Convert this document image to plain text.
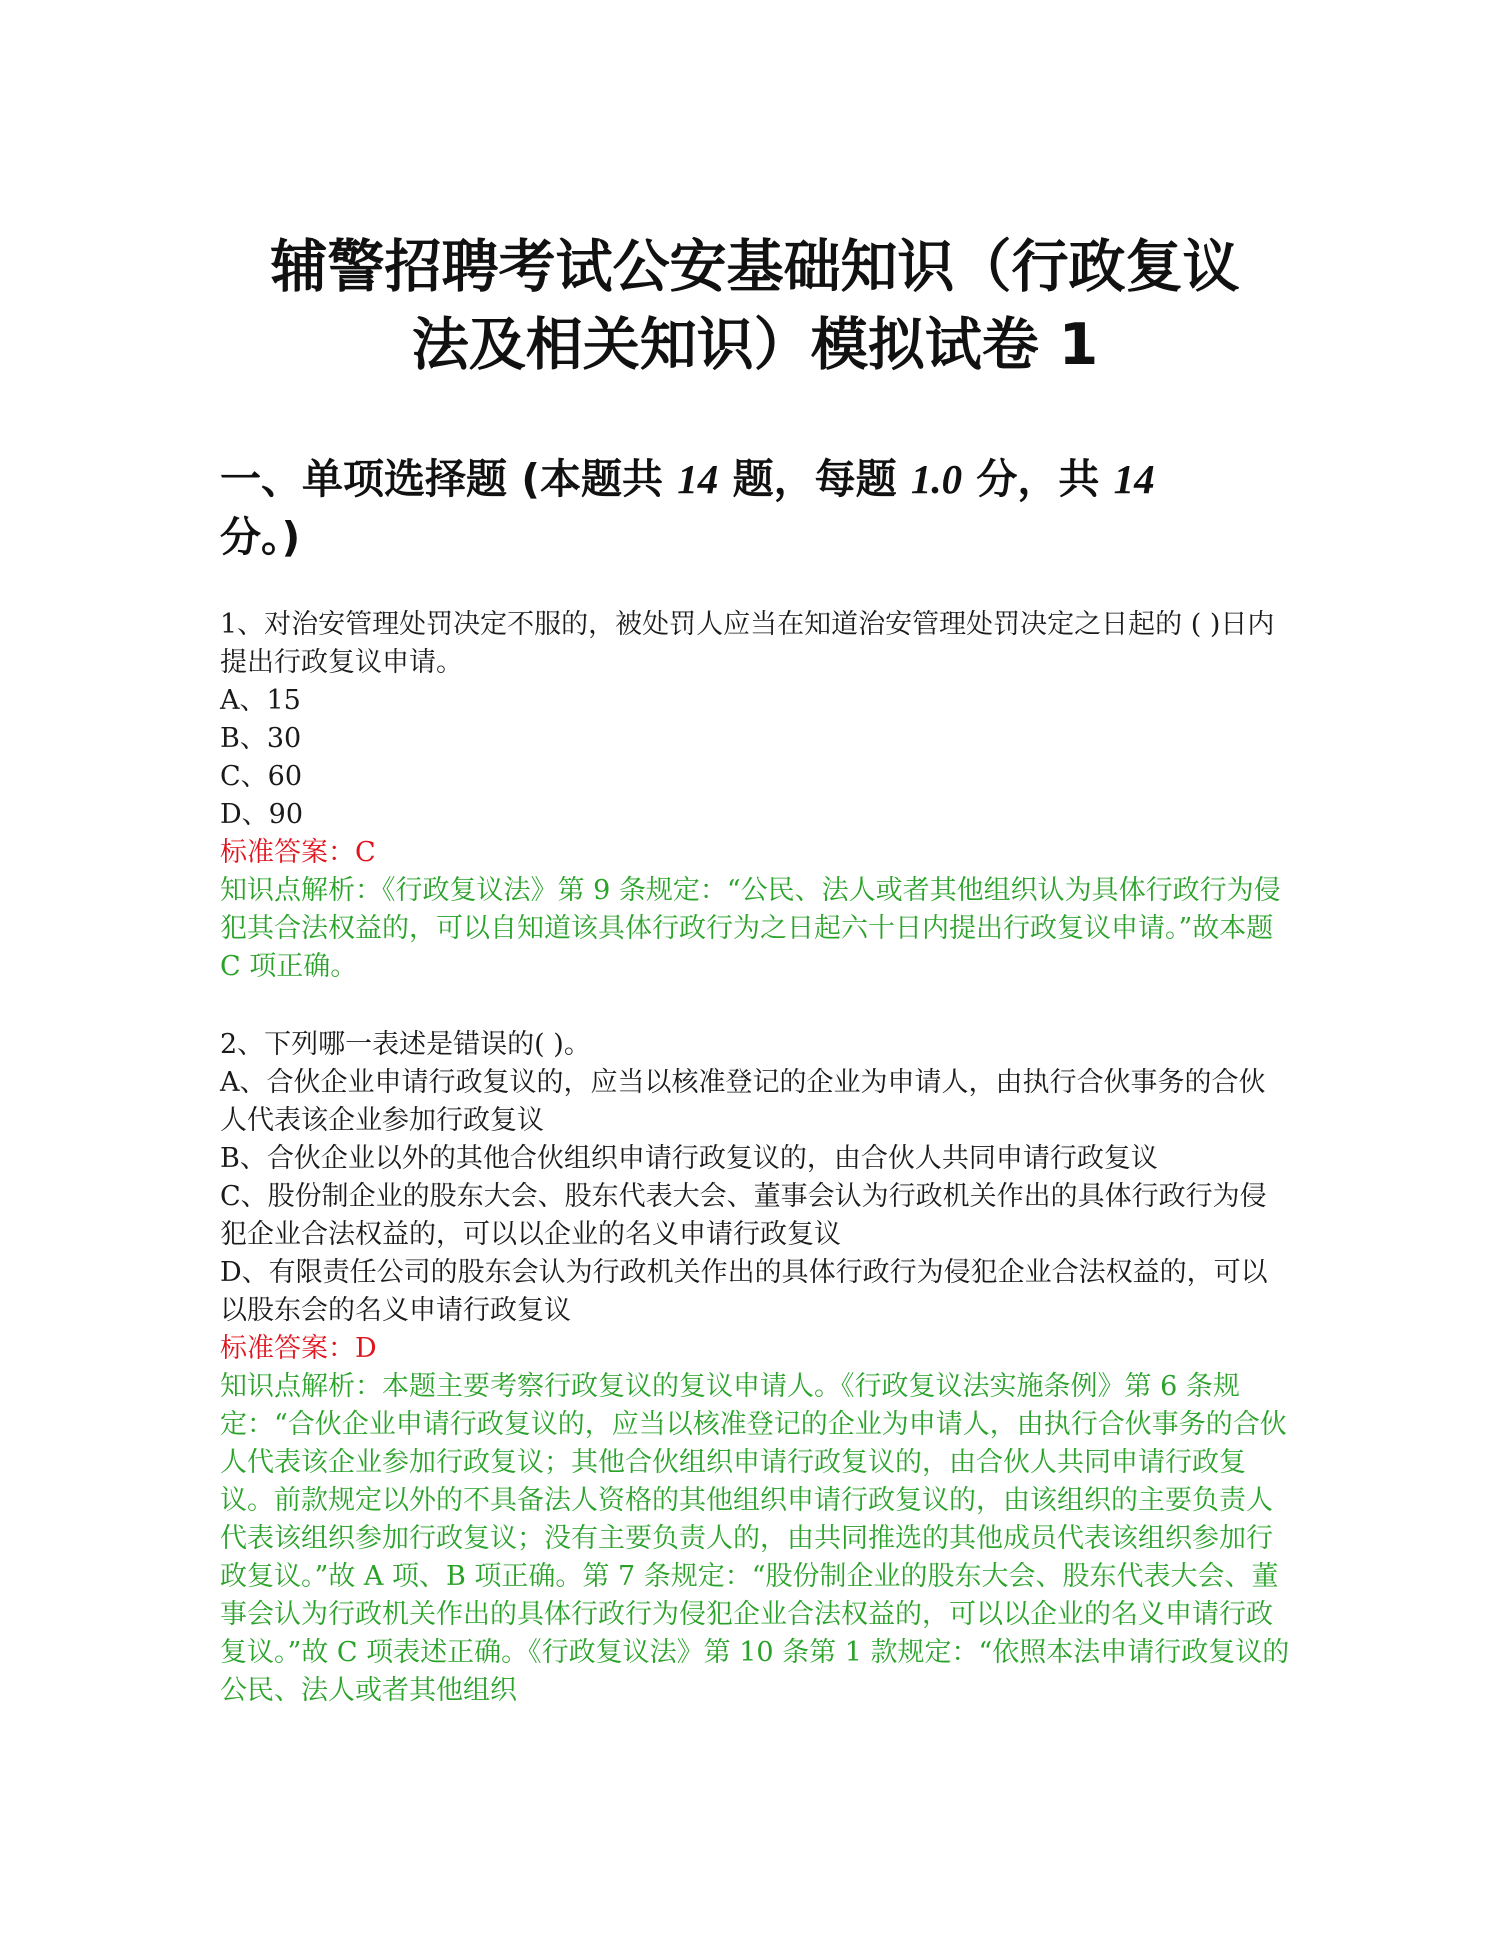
辅警招聘考试公安基础知识（行政复议
法及相关知识）模拟试卷 1
一、单项选择题 (本题共 14 题，每题 1.0 分，共 14
分。)

1、对治安管理处罚决定不服的，被处罚人应当在知道治安管理处罚决定之日起的 ( )日内提出行政复议申请。

A、15

B、30

C、60

D、90

标准答案：C

知识点解析：《行政复议法》第 9 条规定：“公民、法人或者其他组织认为具体行政行为侵犯其合法权益的，可以自知道该具体行政行为之日起六十日内提出行政复议申请。”故本题 C 项正确。

2、下列哪一表述是错误的( )。

A、合伙企业申请行政复议的，应当以核准登记的企业为申请人，由执行合伙事务的合伙人代表该企业参加行政复议

B、合伙企业以外的其他合伙组织申请行政复议的，由合伙人共同申请行政复议

C、股份制企业的股东大会、股东代表大会、董事会认为行政机关作出的具体行政行为侵犯企业合法权益的，可以以企业的名义申请行政复议

D、有限责任公司的股东会认为行政机关作出的具体行政行为侵犯企业合法权益的，可以以股东会的名义申请行政复议

标准答案：D

知识点解析：本题主要考察行政复议的复议申请人。《行政复议法实施条例》第 6 条规定：“合伙企业申请行政复议的，应当以核准登记的企业为申请人，由执行合伙事务的合伙人代表该企业参加行政复议；其他合伙组织申请行政复议的，由合伙人共同申请行政复议。前款规定以外的不具备法人资格的其他组织申请行政复议的，由该组织的主要负责人代表该组织参加行政复议；没有主要负责人的，由共同推选的其他成员代表该组织参加行政复议。”故 A 项、B 项正确。第 7 条规定：“股份制企业的股东大会、股东代表大会、董事会认为行政机关作出的具体行政行为侵犯企业合法权益的，可以以企业的名义申请行政复议。”故 C 项表述正确。《行政复议法》第 10 条第 1 款规定：“依照本法申请行政复议的公民、法人或者其他组织
